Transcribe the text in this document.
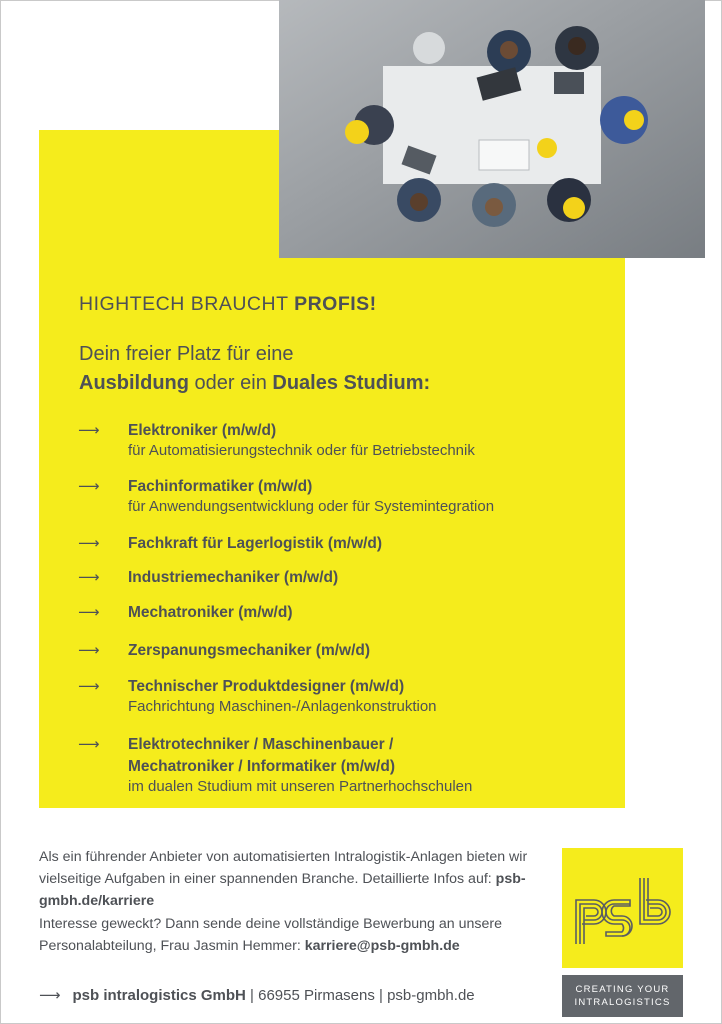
HIGHTECH BRAUCHT PROFIS!
Dein freier Platz für eine
Ausbildung oder ein Duales Studium:
⟶ Elektroniker (m/w/d)
für Automatisierungstechnik oder für Betriebstechnik
⟶ Fachinformatiker (m/w/d)
für Anwendungsentwicklung oder für Systemintegration
⟶ Fachkraft für Lagerlogistik (m/w/d)
⟶ Industriemechaniker (m/w/d)
⟶ Mechatroniker (m/w/d)
⟶ Zerspanungsmechaniker (m/w/d)
⟶ Technischer Produktdesigner (m/w/d)
Fachrichtung Maschinen-/Anlagenkonstruktion
⟶ Elektrotechniker / Maschinenbauer /
Mechatroniker / Informatiker (m/w/d)
im dualen Studium mit unseren Partnerhochschulen
Als ein führender Anbieter von automatisierten Intralogistik-Anlagen bieten wir vielseitige Aufgaben in einer spannenden Branche. Detaillierte Infos auf: psb-gmbh.de/karriere
Interesse geweckt? Dann sende deine vollständige Bewerbung an unsere Personalabteilung, Frau Jasmin Hemmer: karriere@psb-gmbh.de
CREATING YOUR
INTRALOGISTICS
⟶ psb intralogistics GmbH | 66955 Pirmasens | psb-gmbh.de
